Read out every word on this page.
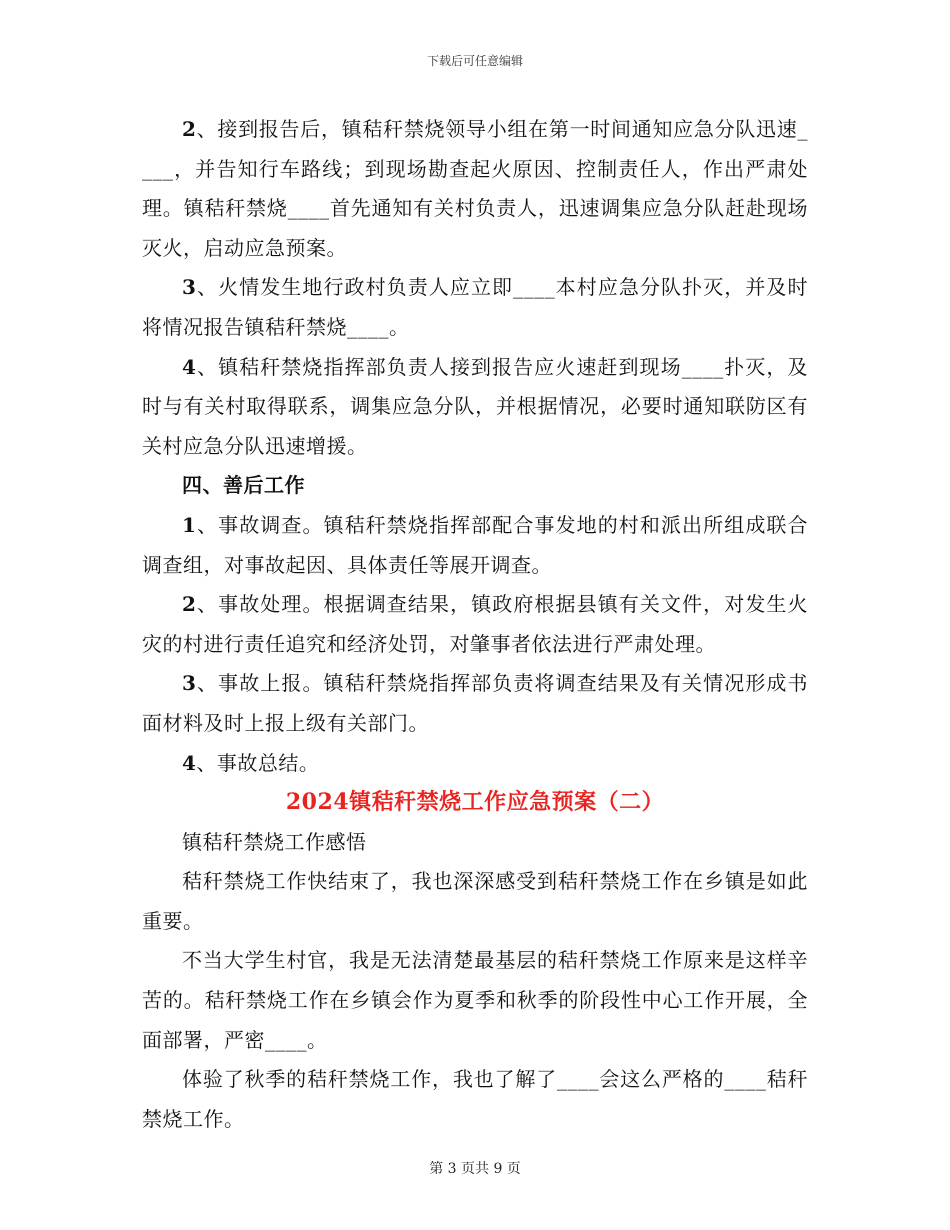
下载后可任意编辑

2、接到报告后，镇秸秆禁烧领导小组在第一时间通知应急分队迅速____，并告知行车路线；到现场勘查起火原因、控制责任人，作出严肃处理。镇秸秆禁烧____首先通知有关村负责人，迅速调集应急分队赶赴现场灭火，启动应急预案。

3、火情发生地行政村负责人应立即____本村应急分队扑灭，并及时将情况报告镇秸秆禁烧____。

4、镇秸秆禁烧指挥部负责人接到报告应火速赶到现场____扑灭，及时与有关村取得联系，调集应急分队，并根据情况，必要时通知联防区有关村应急分队迅速增援。

四、善后工作

1、事故调查。镇秸秆禁烧指挥部配合事发地的村和派出所组成联合调查组，对事故起因、具体责任等展开调查。

2、事故处理。根据调查结果，镇政府根据县镇有关文件，对发生火灾的村进行责任追究和经济处罚，对肇事者依法进行严肃处理。

3、事故上报。镇秸秆禁烧指挥部负责将调查结果及有关情况形成书面材料及时上报上级有关部门。

4、事故总结。

2024镇秸秆禁烧工作应急预案（二）

镇秸秆禁烧工作感悟

秸秆禁烧工作快结束了，我也深深感受到秸秆禁烧工作在乡镇是如此重要。

不当大学生村官，我是无法清楚最基层的秸秆禁烧工作原来是这样辛苦的。秸秆禁烧工作在乡镇会作为夏季和秋季的阶段性中心工作开展，全面部署，严密____。

体验了秋季的秸秆禁烧工作，我也了解了____会这么严格的____秸秆禁烧工作。

第 3 页共 9 页
